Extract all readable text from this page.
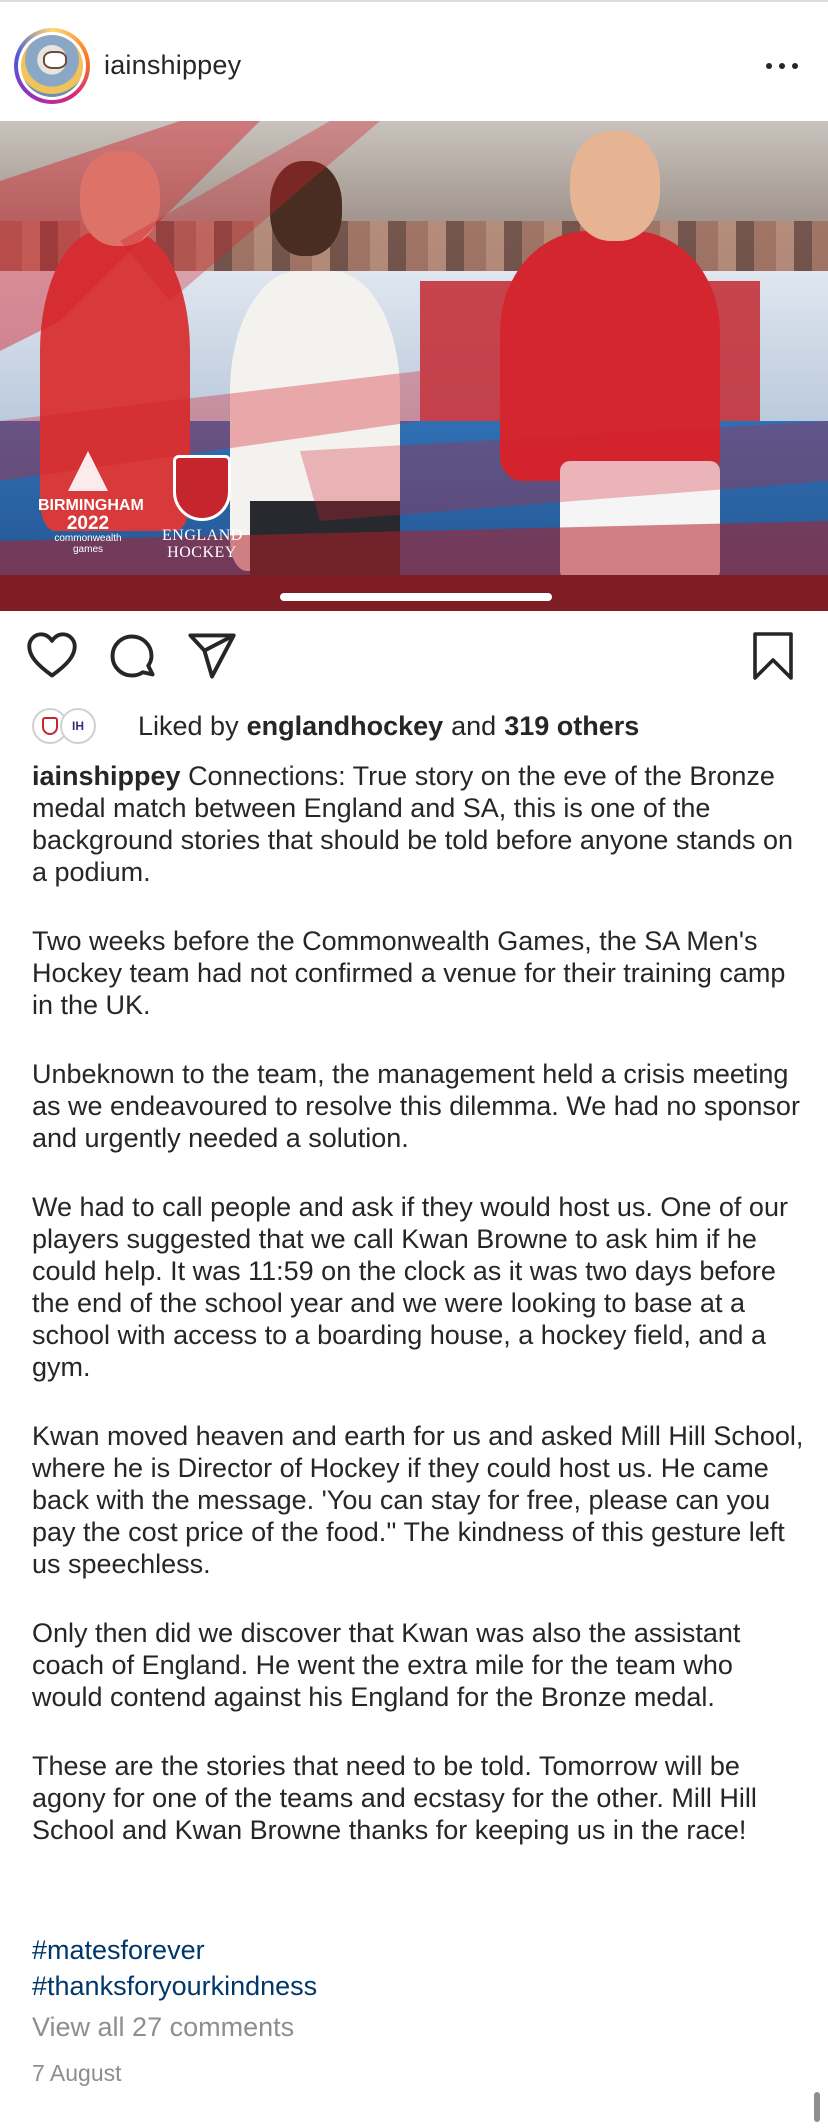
iainshippey
BIRMINGHAM
2022
commonwealth games
ENGLAND
HOCKEY
IH	Liked by englandhockey and 319 others

iainshippey Connections: True story on the eve of the Bronze medal match between England and SA, this is one of the background stories that should be told before anyone stands on a podium.

Two weeks before the Commonwealth Games, the SA Men's Hockey team had not confirmed a venue for their training camp in the UK.

Unbeknown to the team, the management held a crisis meeting as we endeavoured to resolve this dilemma. We had no sponsor and urgently needed a solution.

We had to call people and ask if they would host us. One of our players suggested that we call Kwan Browne to ask him if he could help. It was 11:59 on the clock as it was two days before the end of the school year and we were looking to base at a school with access to a boarding house, a hockey field, and a gym.

Kwan moved heaven and earth for us and asked Mill Hill School, where he is Director of Hockey if they could host us. He came back with the message. 'You can stay for free, please can you pay the cost price of the food.'' The kindness of this gesture left us speechless.

Only then did we discover that Kwan was also the assistant coach of England. He went the extra mile for the team who would contend against his England for the Bronze medal.

These are the stories that need to be told. Tomorrow will be agony for one of the teams and ecstasy for the other. Mill Hill School and Kwan Browne thanks for keeping us in the race!

#matesforever
#thanksforyourkindness
View all 27 comments
7 August
